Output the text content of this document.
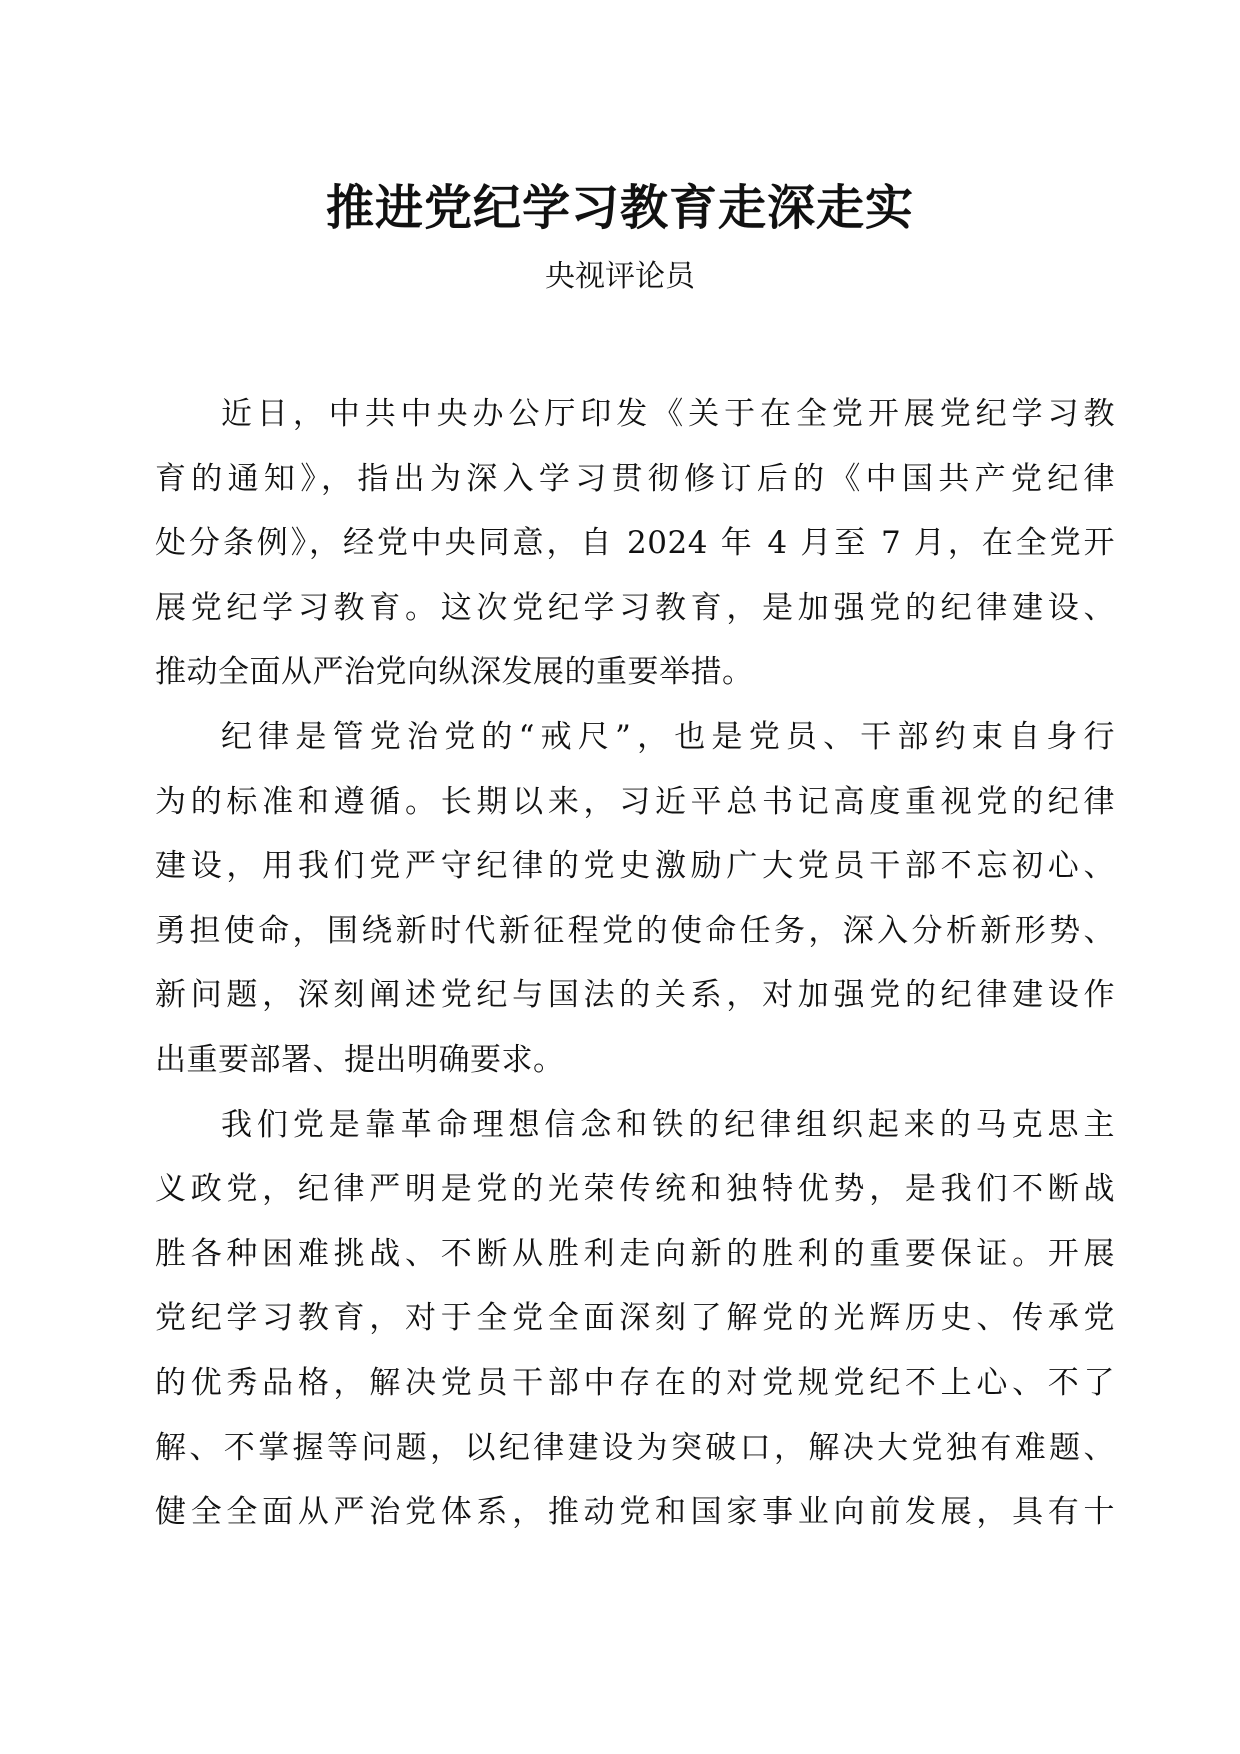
推进党纪学习教育走深走实

央视评论员

近日，中共中央办公厅印发《关于在全党开展党纪学习教
育的通知》，指出为深入学习贯彻修订后的《中国共产党纪律
处分条例》，经党中央同意，自 2024 年 4 月至 7 月，在全党开
展党纪学习教育。这次党纪学习教育，是加强党的纪律建设、
推动全面从严治党向纵深发展的重要举措。
纪律是管党治党的“戒尺”，也是党员、干部约束自身行
为的标准和遵循。长期以来，习近平总书记高度重视党的纪律
建设，用我们党严守纪律的党史激励广大党员干部不忘初心、
勇担使命，围绕新时代新征程党的使命任务，深入分析新形势、
新问题，深刻阐述党纪与国法的关系，对加强党的纪律建设作
出重要部署、提出明确要求。
我们党是靠革命理想信念和铁的纪律组织起来的马克思主
义政党，纪律严明是党的光荣传统和独特优势，是我们不断战
胜各种困难挑战、不断从胜利走向新的胜利的重要保证。开展
党纪学习教育，对于全党全面深刻了解党的光辉历史、传承党
的优秀品格，解决党员干部中存在的对党规党纪不上心、不了
解、不掌握等问题，以纪律建设为突破口，解决大党独有难题、
健全全面从严治党体系，推动党和国家事业向前发展，具有十
